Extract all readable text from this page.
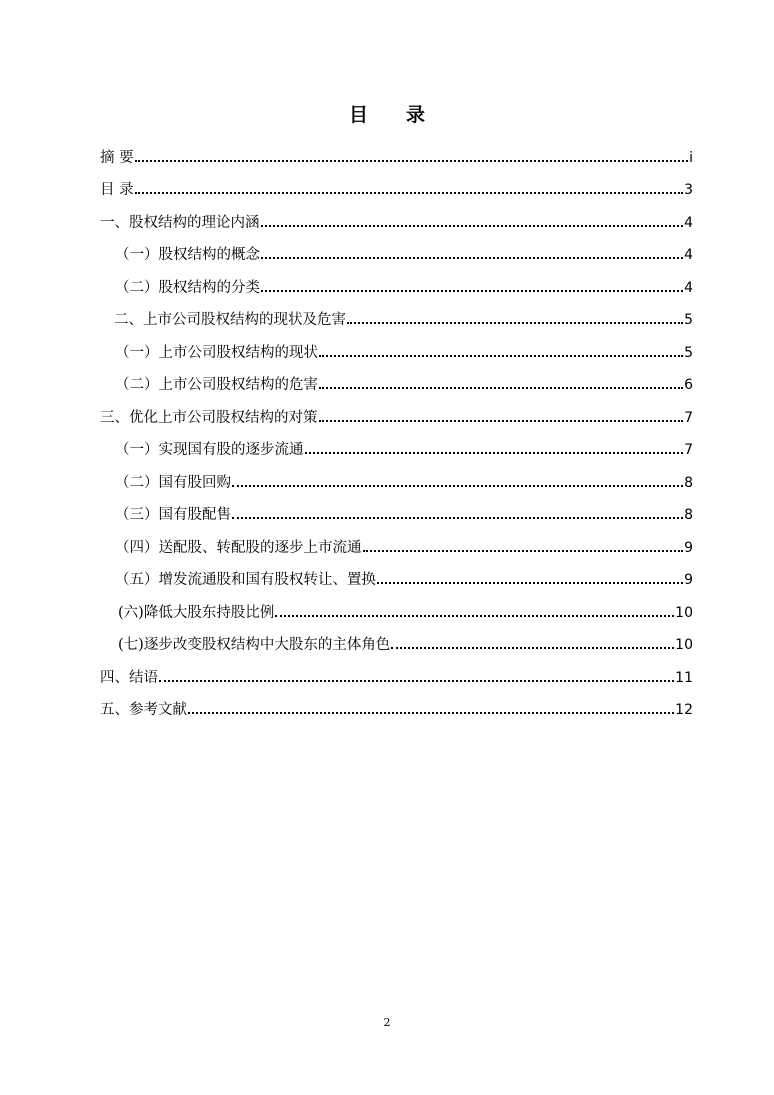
目　　录
摘 要	i
目 录	3
一、股权结构的理论内涵	4
（一）股权结构的概念	4
（二）股权结构的分类	4
二、上市公司股权结构的现状及危害	5
（一）上市公司股权结构的现状	5
（二）上市公司股权结构的危害	6
三、优化上市公司股权结构的对策	7
（一）实现国有股的逐步流通	7
（二）国有股回购	8
（三）国有股配售	8
（四）送配股、转配股的逐步上市流通	9
（五）增发流通股和国有股权转让、置换	9
(六)降低大股东持股比例	10
(七)逐步改变股权结构中大股东的主体角色	10
四、结语	11
五、参考文献	12
2
